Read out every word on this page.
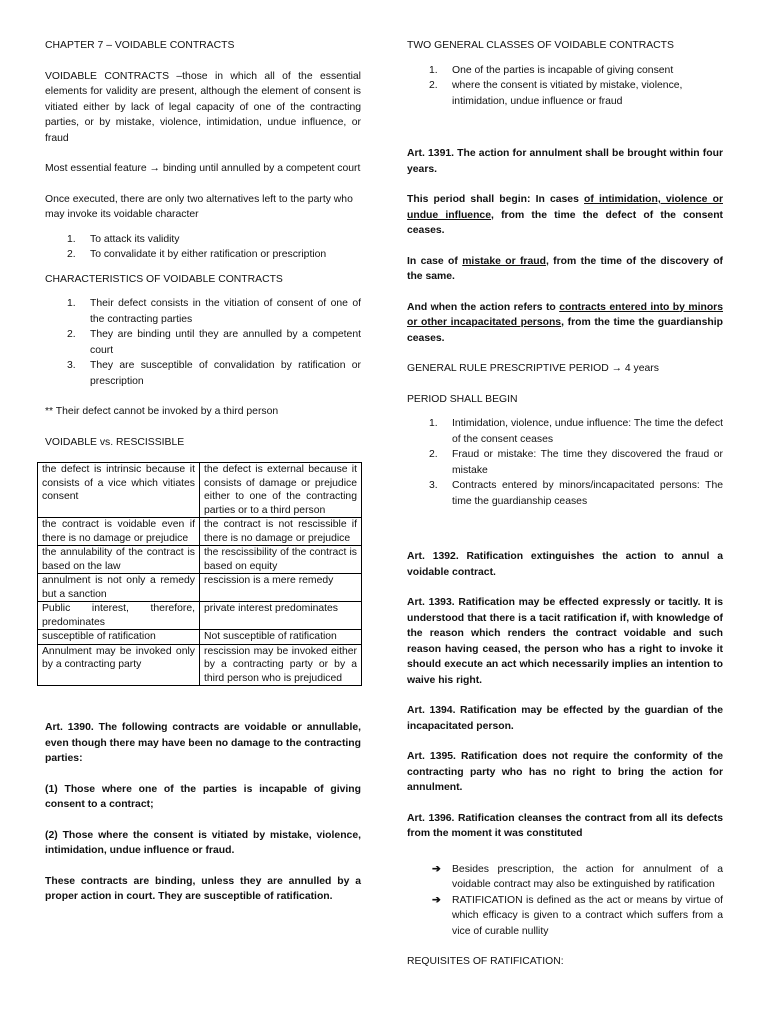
CHAPTER 7 – VOIDABLE CONTRACTS

VOIDABLE CONTRACTS –those in which all of the essential elements for validity are present, although the element of consent is vitiated either by lack of legal capacity of one of the contracting parties, or by mistake, violence, intimidation, undue influence, or fraud

Most essential feature → binding until annulled by a competent court

Once executed, there are only two alternatives left to the party who may invoke its voidable character

1. To attack its validity
2. To convalidate it by either ratification or prescription

CHARACTERISTICS OF VOIDABLE CONTRACTS

1. Their defect consists in the vitiation of consent of one of the contracting parties
2. They are binding until they are annulled by a competent court
3. They are susceptible of convalidation by ratification or prescription

** Their defect cannot be invoked by a third person

VOIDABLE vs. RESCISSIBLE

the defect is intrinsic because it consists of a vice which vitiates consent	the defect is external because it consists of damage or prejudice either to one of the contracting parties or to a third person
the contract is voidable even if there is no damage or prejudice	the contract is not rescissible if there is no damage or prejudice
the annulability of the contract is based on the law	the rescissibility of the contract is based on equity
annulment is not only a remedy but a sanction	rescission is a mere remedy
Public interest, therefore, predominates	private interest predominates
susceptible of ratification	Not susceptible of ratification
Annulment may be invoked only by a contracting party	rescission may be invoked either by a contracting party or by a third person who is prejudiced

Art. 1390. The following contracts are voidable or annullable, even though there may have been no damage to the contracting parties:

(1) Those where one of the parties is incapable of giving consent to a contract;

(2) Those where the consent is vitiated by mistake, violence, intimidation, undue influence or fraud.

These contracts are binding, unless they are annulled by a proper action in court. They are susceptible of ratification.

TWO GENERAL CLASSES OF VOIDABLE CONTRACTS

1. One of the parties is incapable of giving consent
2. where the consent is vitiated by mistake, violence, intimidation, undue influence or fraud

Art. 1391. The action for annulment shall be brought within four years.

This period shall begin: In cases of intimidation, violence or undue influence, from the time the defect of the consent ceases.

In case of mistake or fraud, from the time of the discovery of the same.

And when the action refers to contracts entered into by minors or other incapacitated persons, from the time the guardianship ceases.

GENERAL RULE PRESCRIPTIVE PERIOD → 4 years

PERIOD SHALL BEGIN

1. Intimidation, violence, undue influence: The time the defect of the consent ceases
2. Fraud or mistake: The time they discovered the fraud or mistake
3. Contracts entered by minors/incapacitated persons: The time the guardianship ceases

Art. 1392. Ratification extinguishes the action to annul a voidable contract.

Art. 1393. Ratification may be effected expressly or tacitly. It is understood that there is a tacit ratification if, with knowledge of the reason which renders the contract voidable and such reason having ceased, the person who has a right to invoke it should execute an act which necessarily implies an intention to waive his right.

Art. 1394. Ratification may be effected by the guardian of the incapacitated person.

Art. 1395. Ratification does not require the conformity of the contracting party who has no right to bring the action for annulment.

Art. 1396. Ratification cleanses the contract from all its defects from the moment it was constituted

➔ Besides prescription, the action for annulment of a voidable contract may also be extinguished by ratification
➔ RATIFICATION is defined as the act or means by virtue of which efficacy is given to a contract which suffers from a vice of curable nullity

REQUISITES OF RATIFICATION:
